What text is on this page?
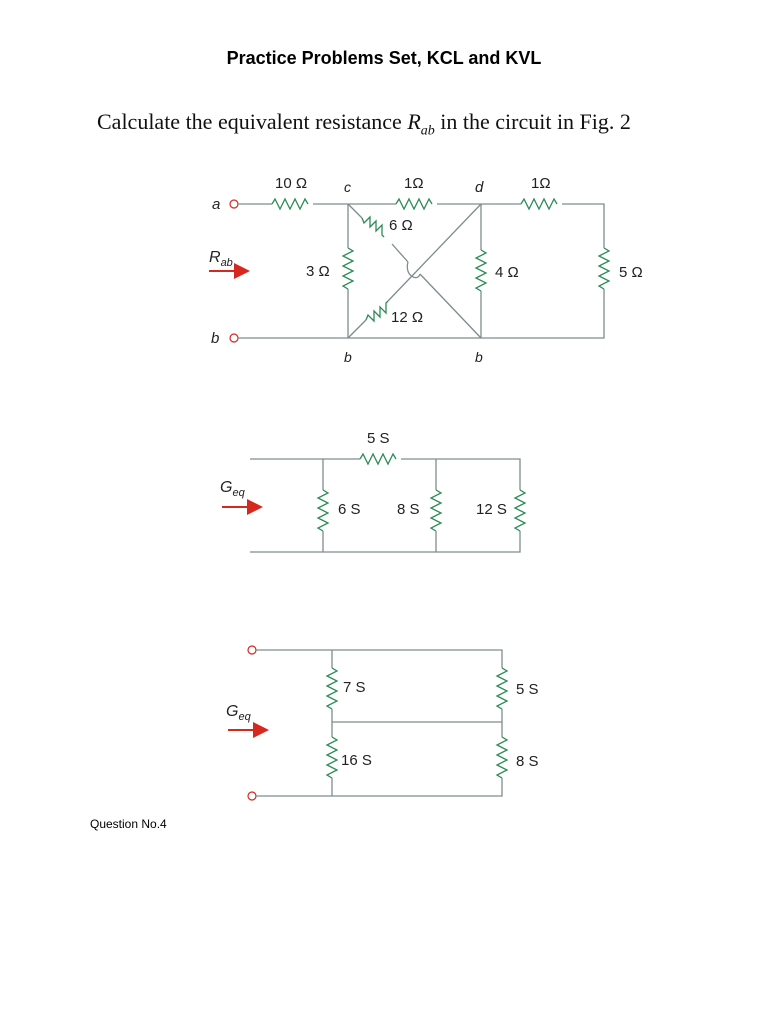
Practice Problems Set, KCL and KVL
Calculate the equivalent resistance $R_{ab}$ in the circuit in Fig. 2
a
b
10 Ω	1Ω	1Ω
6 Ω
3 Ω
12 Ω
4 Ω	5 Ω
c	d
b	b
$R_{ab}$
5 S
6 S 8 S	12 S
$G_{eq}$
7 S
16 S
5 S
8 S
$G_{eq}$
Question No.4
